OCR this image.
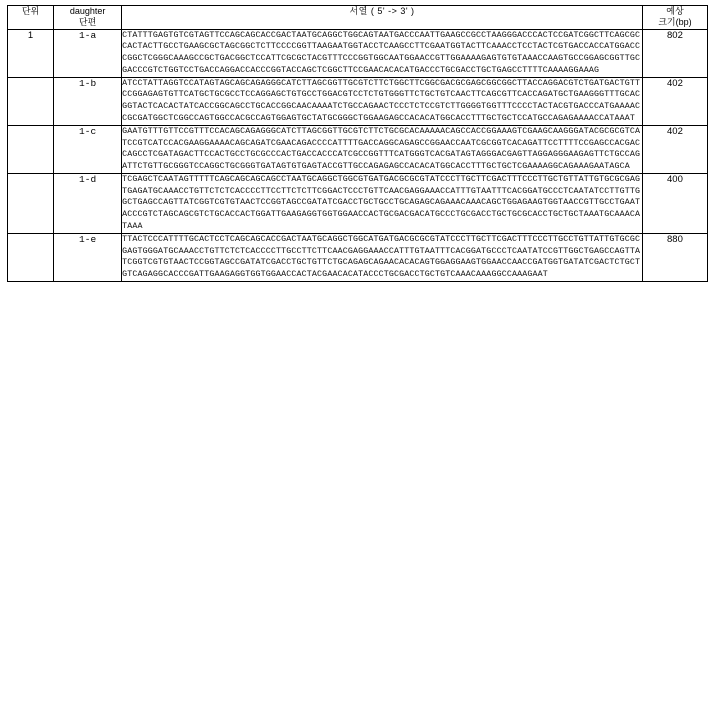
단위	daughter
단편
	서열 ( 5' -> 3' )	예상
크기(bp)

1	1-a	CTATTTGAGTGTCGTAGTTCCAGCAGCACCGACTAATGCAGGCTGGCAGTAATGACCCAATTGAAGCCGCCTAAGGGACCCACTCCGATCGGCTTCAGCGCCACTACTTGCCTGAAGCGCTAGCGGCTCTTCCCCGGTTAAGAATGGTACCTCAAGCCTTCGAATGGTACTTCAAACCTCCTACTCGTGACCACCATGGACCCGGCTCGGGCAAAGCCGCTGACGGCTCCATTCGCGCTACGTTTCCCGGTGGCAATGGAACCGTTGGAAAAGAGTGTGTAAACCAAGTGCCGGAGCGGTTGCGACCCGTCTGGTCCTGACCAGGACCACCCGGTACCAGCTCGGCTTCCGAACACACATGACCCTGCGACCTGCTGAGCCTTTTCAAAAGGAAAG	802
	1-b	ATCCTATTAGGTCCATAGTAGCAGCAGAGGGCATCTTAGCGGTTGCGTCTTCTGGCTTCGGCGACGCGAGCGGCGGCTTACCAGGACGTCTGATGACTGTTCCGGAGAGTGTTCATGCTGCGCCTCCAGGAGCTGTGCCTGGACGTCCTCTGTGGGTTCTGCTGTCAACTTCAGCGTTCACCAGATGCTGAAGGGTTTGCACGGTACTCACACTATCACCGGCAGCCTGCACCGGCAACAAAATCTGCCAGAACTCCCTCTCCGTCTTGGGGTGGTTTCCCCTACTACGTGACCCATGAAAACCGCGATGGCTCGGCCAGTGGCCACGCCAGTGGAGTGCTATGCGGGCTGGAAGAGCCACACATGGCACCTTTGCTGCTCCATGCCAGAGAAAACCATAAAT	402
	1-c	GAATGTTTGTTCCGTTTCCACAGCAGAGGGCATCTTAGCGGTTGCGTCTTCTGCGCACAAAAACAGCCACCGGAAAGTCGAAGCAAGGGATACGCGCGTCATCCGTCATCCACGAAGGAAAACAGCAGATCGAACAGACCCCATTTTGACCAGGCAGAGCCGGAACCAATCGCGGTCACAGATTCCTTTTCCGAGCCACGACCAGCCTCGATAGACTTCCACTGCCTGCGCCCACTGACCACCCATCGCCGGTTTCATGGGTCACGATAGTAGGGACGAGTTAGGAGGGAAGAGTTCTGCCAGATTCTGTTGCGGGTCCAGGCTGCGGGTGATAGTGTGAGTACCGTTGCCAGAGAGCCACACATGGCACCTTTGCTGCTCGAAAAGGCAGAAAGAATAGCA	402
	1-d	TCGAGCTCAATAGTTTTTCAGCAGCAGCAGCCTAATGCAGGCTGGCGTGATGACGCGCGTATCCCTTGCTTCGACTTTCCCTTGCTGTTATTGTGCGCGAGTGAGATGCAAACCTGTTCTCTCACCCCTTCCTTCTCTTCGGACTCCCTGTTCAACGAGGAAACCATTTGTAATTTCACGGATGCCCTCAATATCCTTGTTGGCTGAGCCAGTTATCGGTCGTGTAACTCCGGTAGCCGATATCGACCTGCTGCCTGCAGAGCAGAAACAAACAGCTGGAGAAGTGGTAACCGTTGCCTGAATACCCGTCTAGCAGCGTCTGCACCACTGGATTGAAGAGGTGGTGGAACCACTGCGACGACATGCCCTGCGACCTGCTGCGCACCTGCTGCTAAATGCAAACATAAA	400
	1-e	TTACTCCCATTTTGCACTCCTCAGCAGCACCGACTAATGCAGGCTGGCATGATGACGCGCGTATCCCTTGCTTCGACTTTCCCTTGCCTGTTATTGTGCGCGAGTGGGATGCAAACCTGTTCTCTCACCCCTTGCCTTCTTCAACGAGGAAACCATTTGTAATTTCACGGATGCCCTCAATATCCGTTGGCTGAGCCAGTTATCGGTCGTGTAACTCCGGTAGCCGATATCGACCTGCTGTTCTGCAGAGCAGAACACACAGTGGAGGAAGTGGAACCAACCGATGGTGATATCGACTCTGCTGTCAGAGGCACCCGATTGAAGAGGTGGTGGAACCACTACGAACACATACCCTGCGACCTGCTGTCAAACAAAGGCCAAAGAAT	880
